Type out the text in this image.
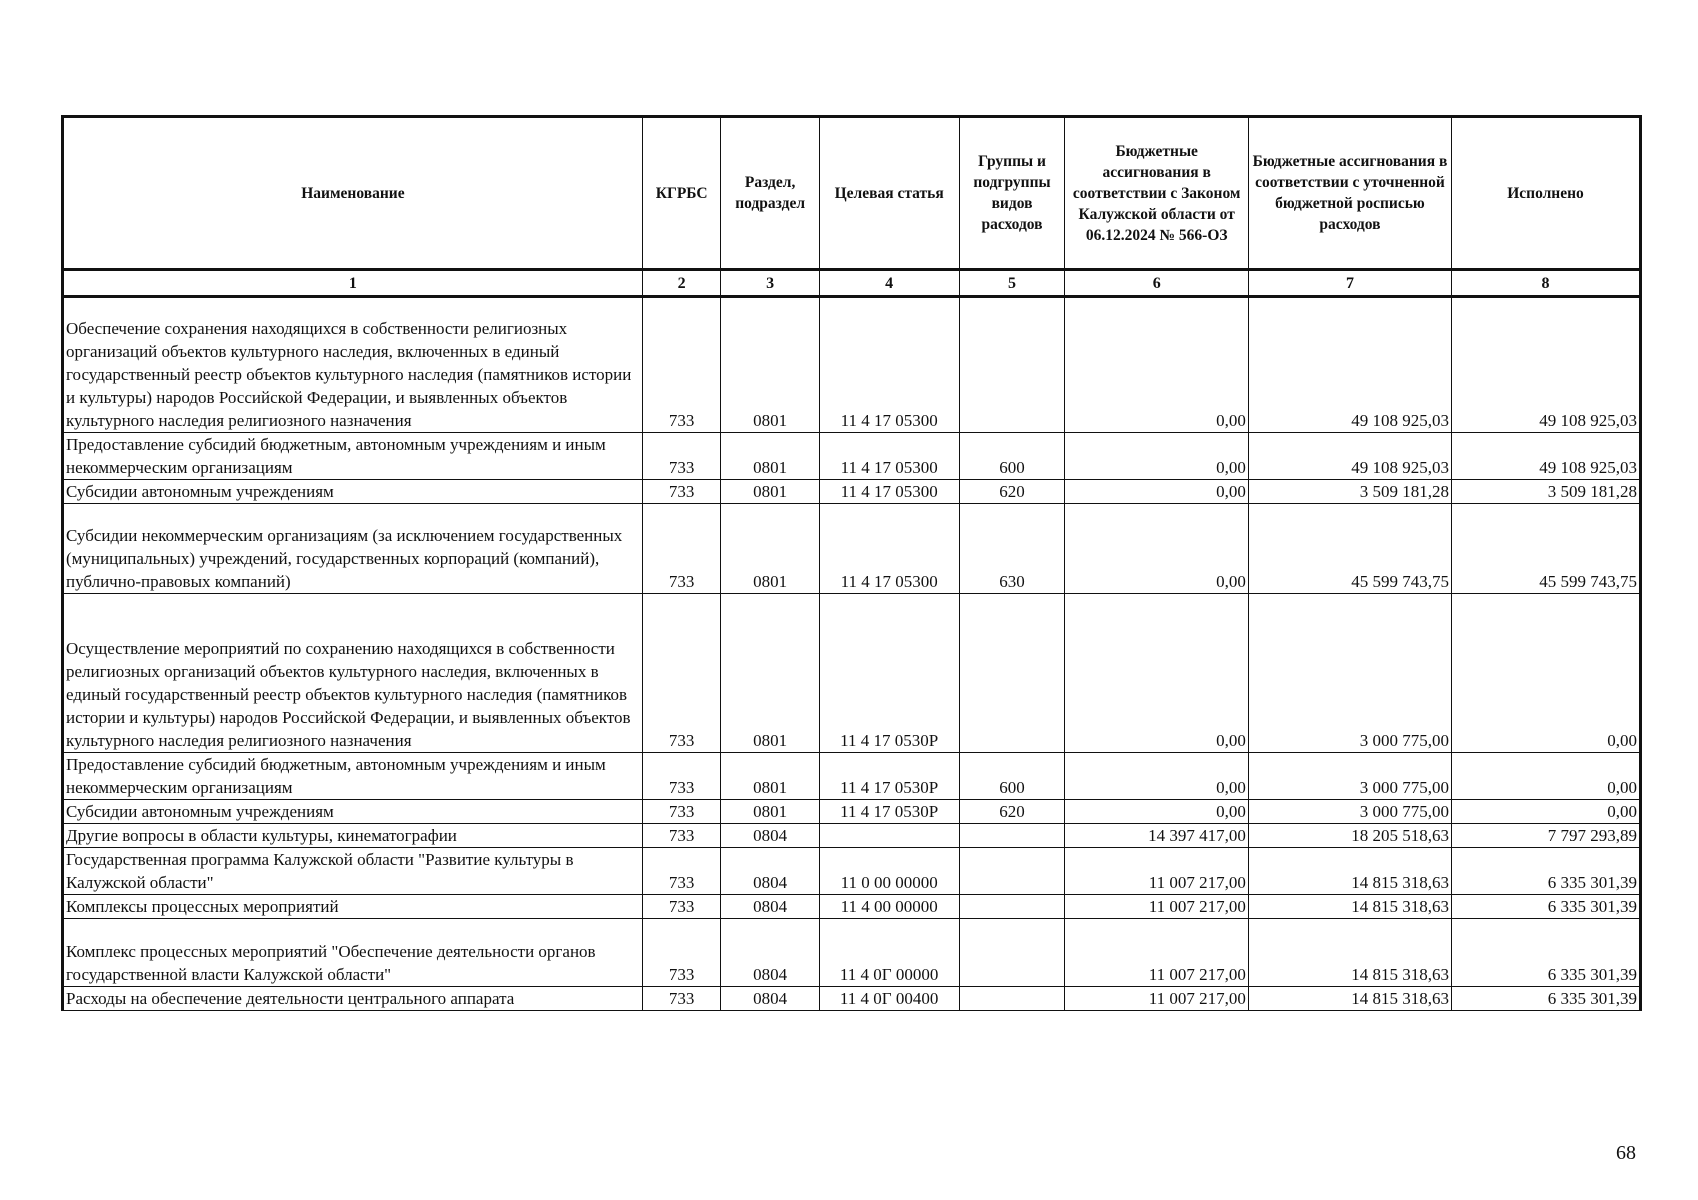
Наименование	КГРБС	Раздел, подраздел	Целевая статья	Группы и подгруппы видов расходов	Бюджетные ассигнования в соответствии с Законом Калужской области от 06.12.2024 № 566-ОЗ	Бюджетные ассигнования в соответствии с уточненной бюджетной росписью расходов	Исполнено
1	2	3	4	5	6	7	8
Обеспечение сохранения находящихся в собственности религиозных организаций объектов культурного наследия, включенных в единый государственный реестр объектов культурного наследия (памятников истории и культуры) народов Российской Федерации, и выявленных объектов культурного наследия религиозного назначения	733	0801	11 4 17 05300		0,00	49 108 925,03	49 108 925,03
Предоставление субсидий бюджетным, автономным учреждениям и иным некоммерческим организациям	733	0801	11 4 17 05300	600	0,00	49 108 925,03	49 108 925,03
Субсидии автономным учреждениям	733	0801	11 4 17 05300	620	0,00	3 509 181,28	3 509 181,28
Субсидии некоммерческим организациям (за исключением государственных (муниципальных) учреждений, государственных корпораций (компаний), публично-правовых компаний)	733	0801	11 4 17 05300	630	0,00	45 599 743,75	45 599 743,75
Осуществление мероприятий по сохранению находящихся в собственности религиозных организаций объектов культурного наследия, включенных в единый государственный реестр объектов культурного наследия (памятников истории и культуры) народов Российской Федерации, и выявленных объектов культурного наследия религиозного назначения	733	0801	11 4 17 0530Р		0,00	3 000 775,00	0,00
Предоставление субсидий бюджетным, автономным учреждениям и иным некоммерческим организациям	733	0801	11 4 17 0530Р	600	0,00	3 000 775,00	0,00
Субсидии автономным учреждениям	733	0801	11 4 17 0530Р	620	0,00	3 000 775,00	0,00
Другие вопросы в области культуры, кинематографии	733	0804			14 397 417,00	18 205 518,63	7 797 293,89
Государственная программа Калужской области "Развитие культуры в Калужской области"	733	0804	11 0 00 00000		11 007 217,00	14 815 318,63	6 335 301,39
Комплексы процессных мероприятий	733	0804	11 4 00 00000		11 007 217,00	14 815 318,63	6 335 301,39
Комплекс процессных мероприятий "Обеспечение деятельности органов государственной власти Калужской области"	733	0804	11 4 0Г 00000		11 007 217,00	14 815 318,63	6 335 301,39
Расходы на обеспечение деятельности центрального аппарата	733	0804	11 4 0Г 00400		11 007 217,00	14 815 318,63	6 335 301,39
68
